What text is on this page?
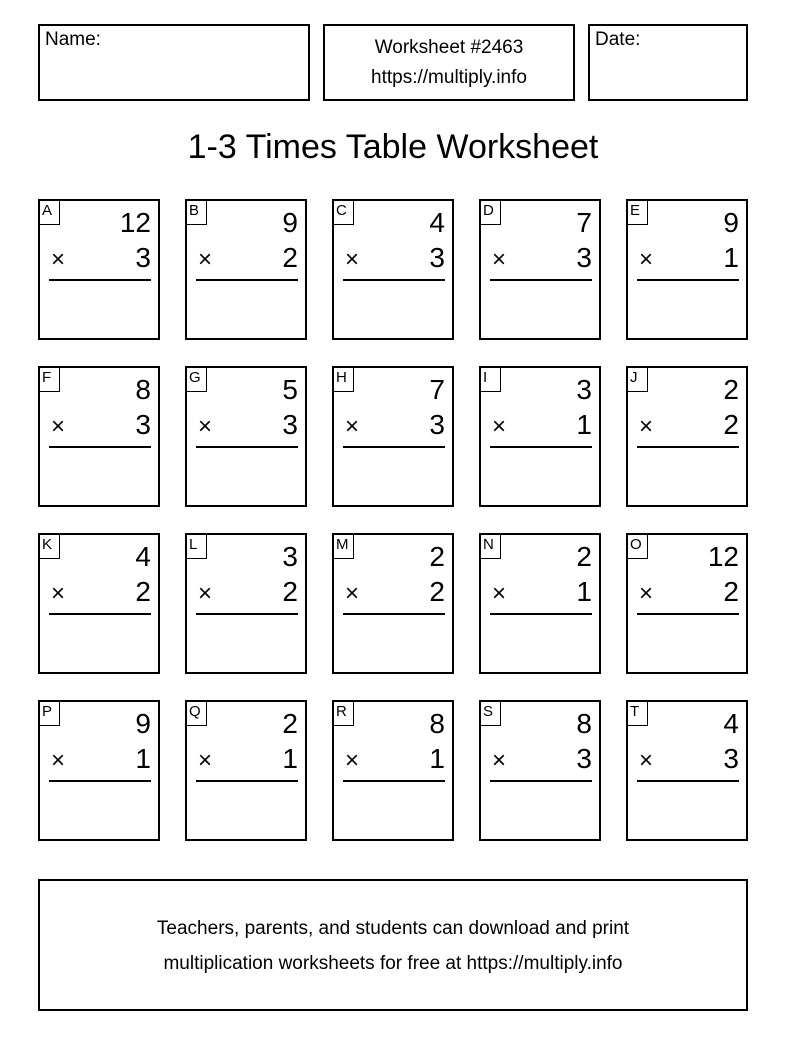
Name:	Worksheet #2463
https://multiply.info
Date:
1-3 Times Table Worksheet
A 12
×	3
B	9
×	2
C	4
×	3
D	7
×	3
E	9
×	1
F	8
×	3
G	5
×	3
H	7
×	3
I	3
×	1
J	2
×	2
K	4
×	2
L	3
×	2
M	2
×	2
N	2
×	1
O 12
×	2
P	9
×	1
Q	2
×	1
R	8
×	1
S	8
×	3
T	4
×	3
Teachers, parents, and students can download and print
multiplication worksheets for free at https://multiply.info
